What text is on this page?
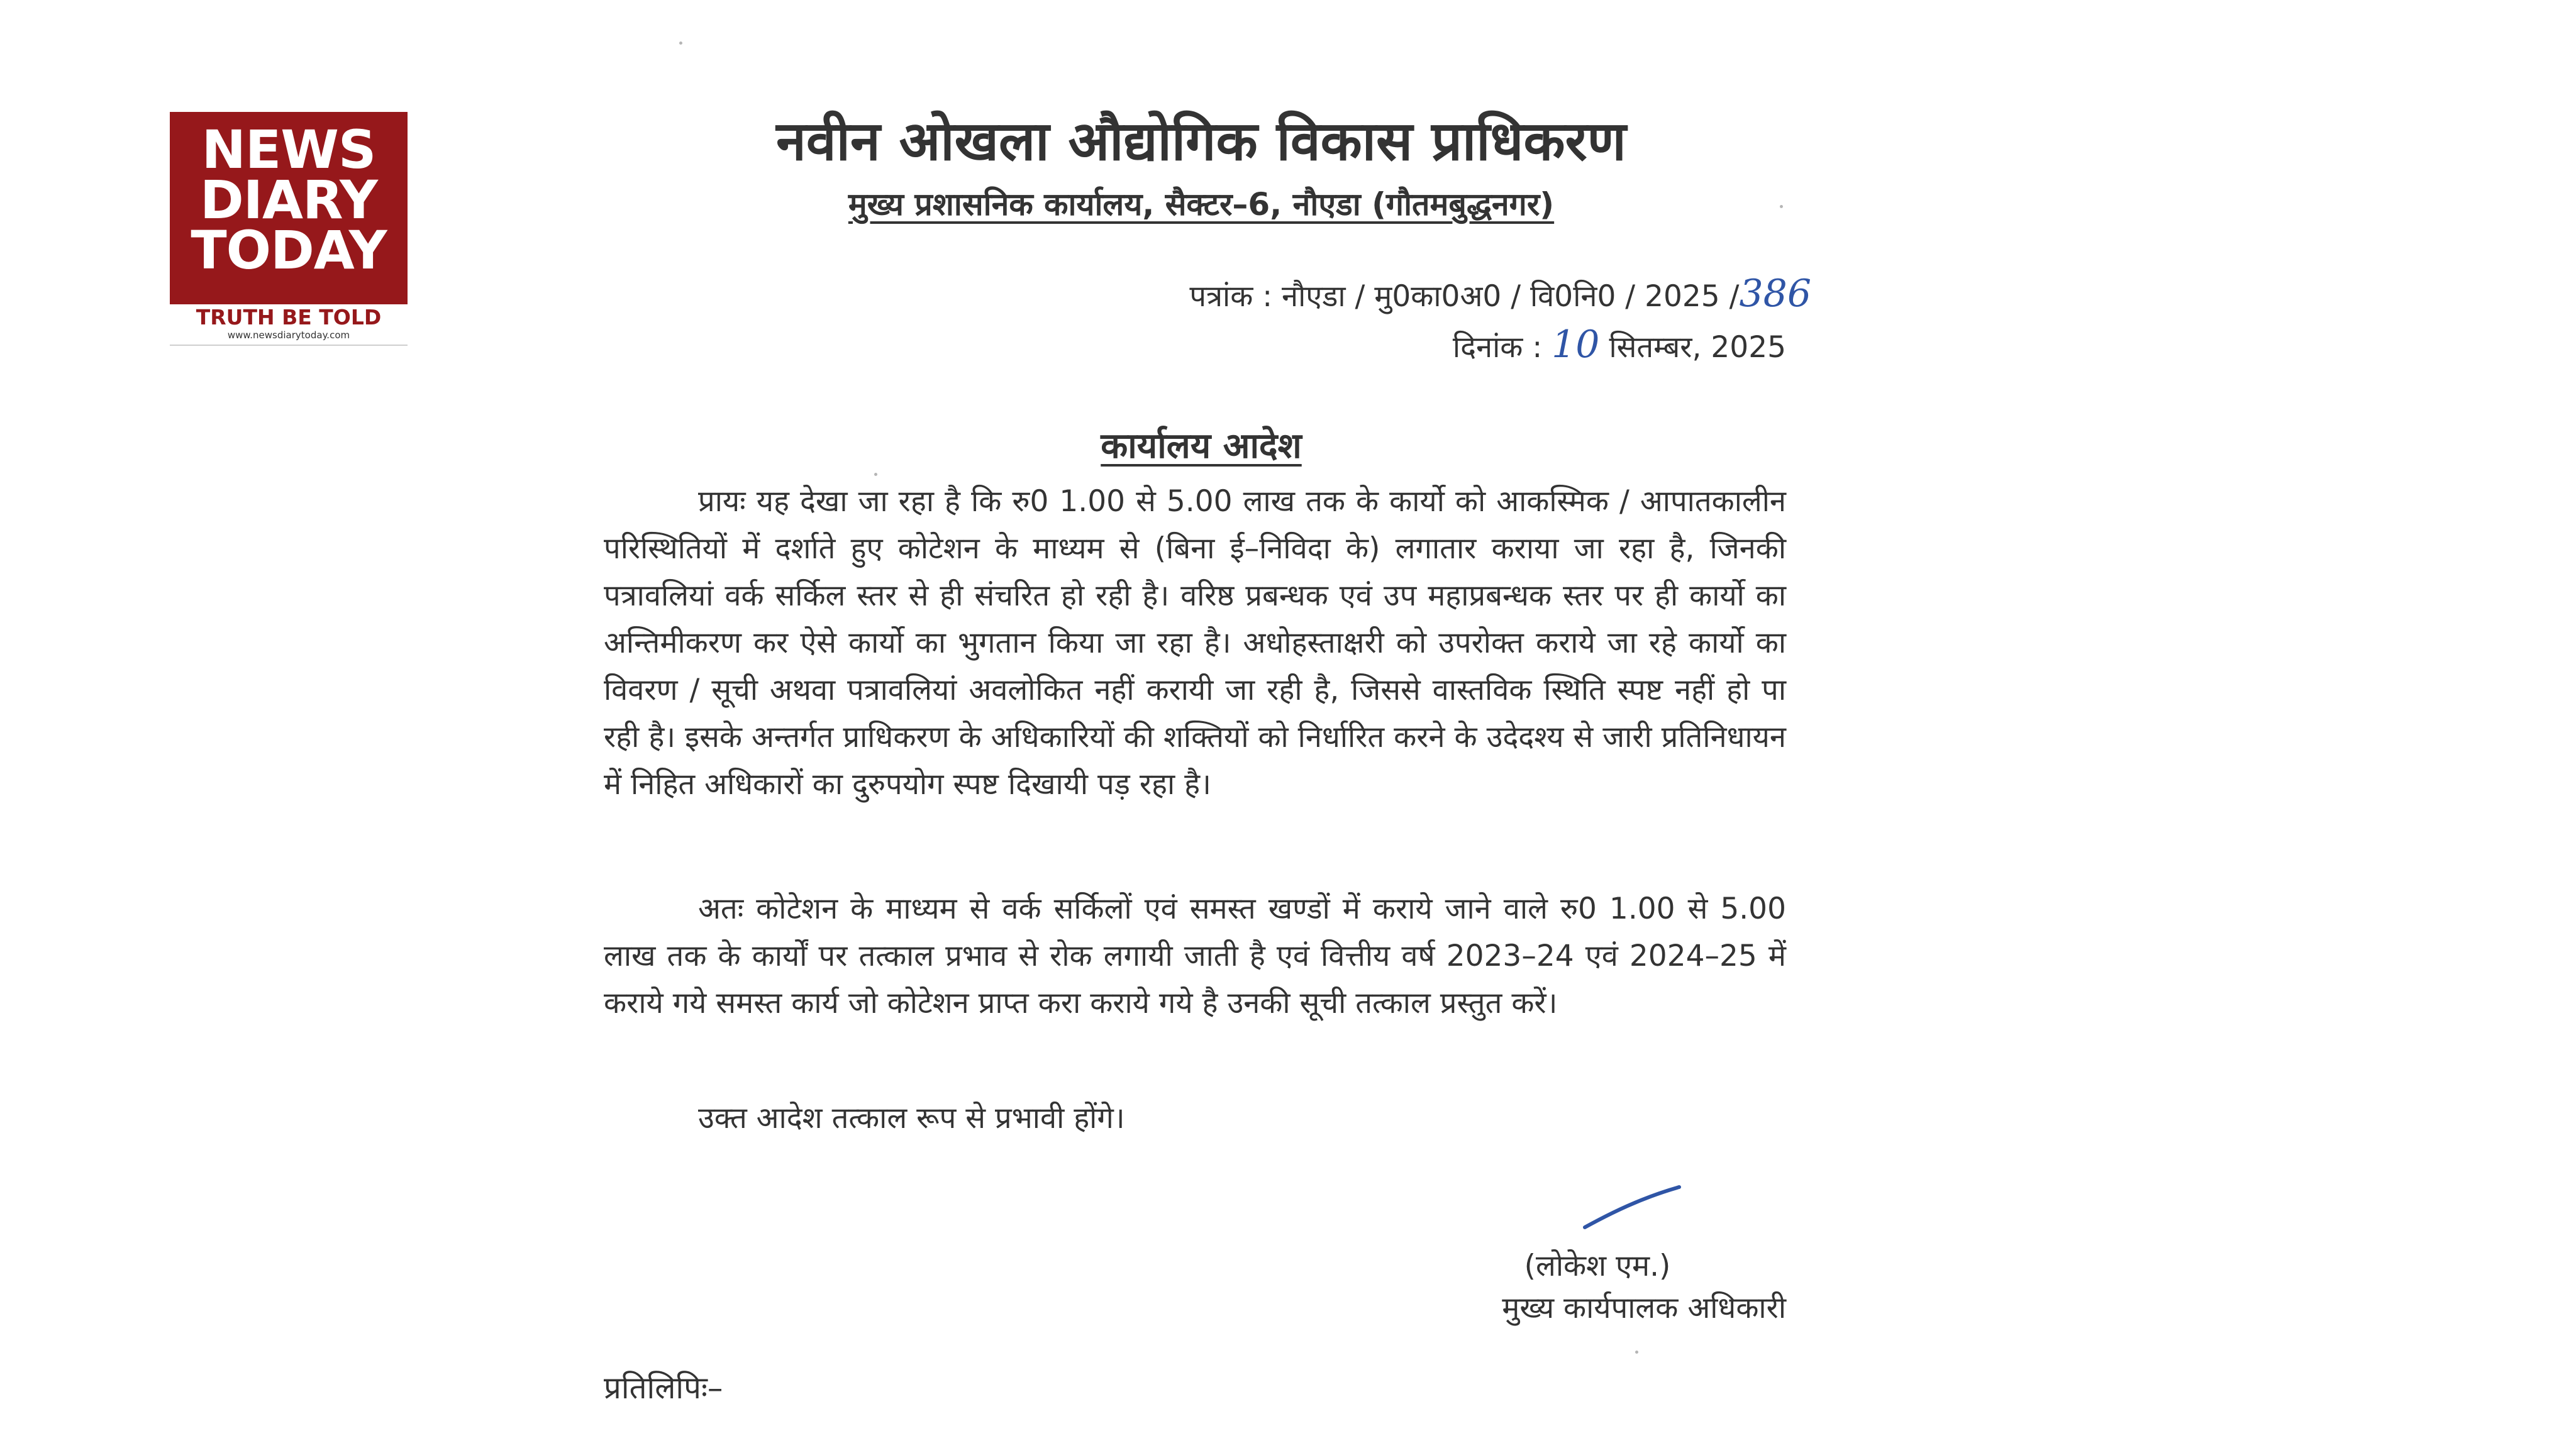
NEWS
DIARY
TODAY
TRUTH BE TOLD
www.newsdiarytoday.com
नवीन ओखला औद्योगिक विकास प्राधिकरण
मुख्य प्रशासनिक कार्यालय, सैक्टर–6, नौएडा (गौतमबुद्धनगर)
पत्रांक : नौएडा / मु0का0अ0 / वि0नि0 / 2025 /386
दिनांक : 10 सितम्बर, 2025
कार्यालय आदेश

प्रायः यह देखा जा रहा है कि रु0 1.00 से 5.00 लाख तक के कार्यो को आकस्मिक / आपातकालीन परिस्थितियों में दर्शाते हुए कोटेशन के माध्यम से (बिना ई–निविदा के) लगातार कराया जा रहा है, जिनकी पत्रावलियां वर्क सर्किल स्तर से ही संचरित हो रही है। वरिष्ठ प्रबन्धक एवं उप महाप्रबन्धक स्तर पर ही कार्यो का अन्तिमीकरण कर ऐसे कार्यो का भुगतान किया जा रहा है। अधोहस्ताक्षरी को उपरोक्त कराये जा रहे कार्यो का विवरण / सूची अथवा पत्रावलियां अवलोकित नहीं करायी जा रही है, जिससे वास्तविक स्थिति स्पष्ट नहीं हो पा रही है। इसके अन्तर्गत प्राधिकरण के अधिकारियों की शक्तियों को निर्धारित करने के उदेदश्य से जारी प्रतिनिधायन में निहित अधिकारों का दुरुपयोग स्पष्ट दिखायी पड़ रहा है।

अतः कोटेशन के माध्यम से वर्क सर्किलों एवं समस्त खण्डों में कराये जाने वाले रु0 1.00 से 5.00 लाख तक के कार्यों पर तत्काल प्रभाव से रोक लगायी जाती है एवं वित्तीय वर्ष 2023–24 एवं 2024–25 में कराये गये समस्त कार्य जो कोटेशन प्राप्त करा कराये गये है उनकी सूची तत्काल प्रस्तुत करें।

उक्त आदेश तत्काल रूप से प्रभावी होंगे।

(लोकेश एम.)
मुख्य कार्यपालक अधिकारी
प्रतिलिपिः–
